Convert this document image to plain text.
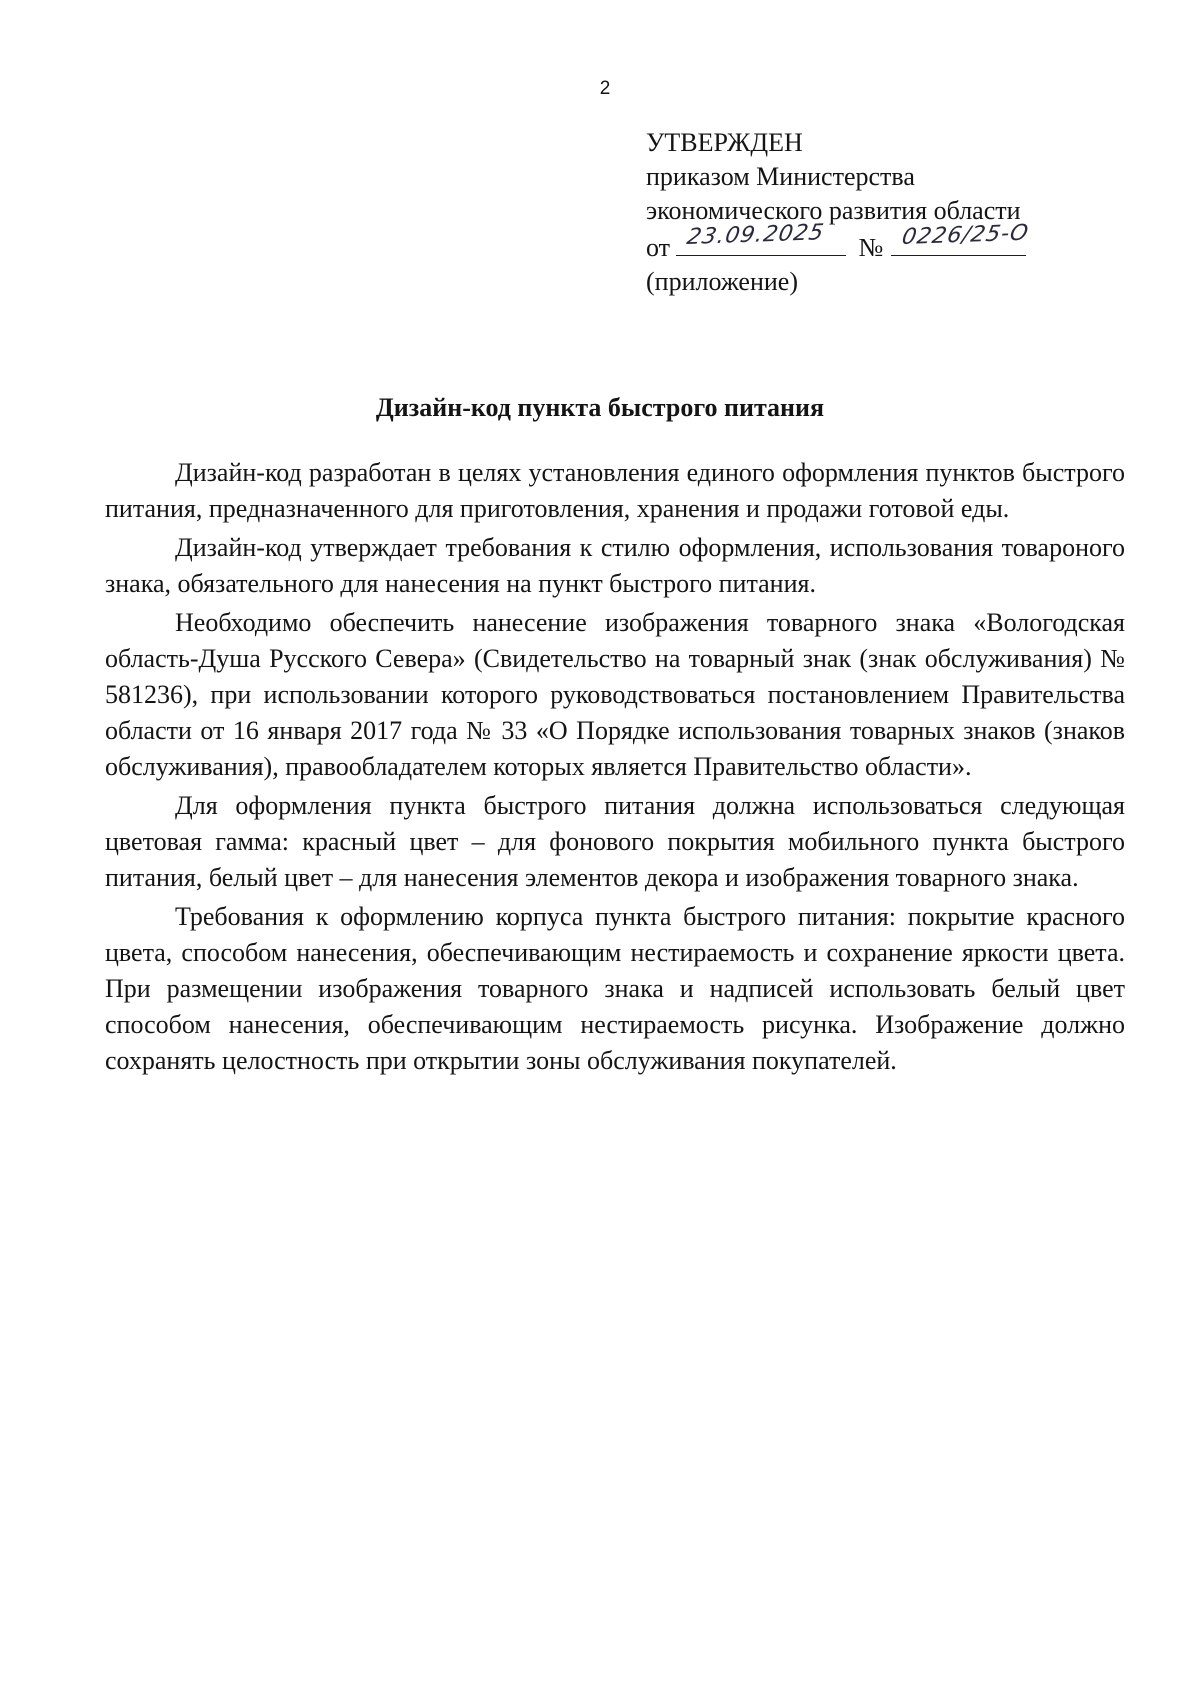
2
УТВЕРЖДЕН
приказом Министерства
экономического развития области
от 23.09.2025 № 0226/25-О
(приложение)
Дизайн-код пункта быстрого питания

Дизайн-код разработан в целях установления единого оформления пунктов быстрого питания, предназначенного для приготовления, хранения и продажи готовой еды.

Дизайн-код утверждает требования к стилю оформления, использования товароного знака, обязательного для нанесения на пункт быстрого питания.

Необходимо обеспечить нанесение изображения товарного знака «Вологодская область-Душа Русского Севера» (Свидетельство на товарный знак (знак обслуживания) № 581236), при использовании которого руководствоваться постановлением Правительства области от 16 января 2017 года № 33 «О Порядке использования товарных знаков (знаков обслуживания), правообладателем которых является Правительство области».

Для оформления пункта быстрого питания должна использоваться следующая цветовая гамма: красный цвет – для фонового покрытия мобильного пункта быстрого питания, белый цвет – для нанесения элементов декора и изображения товарного знака.

Требования к оформлению корпуса пункта быстрого питания: покрытие красного цвета, способом нанесения, обеспечивающим нестираемость и сохранение яркости цвета. При размещении изображения товарного знака и надписей использовать белый цвет способом нанесения, обеспечивающим нестираемость рисунка. Изображение должно сохранять целостность при открытии зоны обслуживания покупателей.
